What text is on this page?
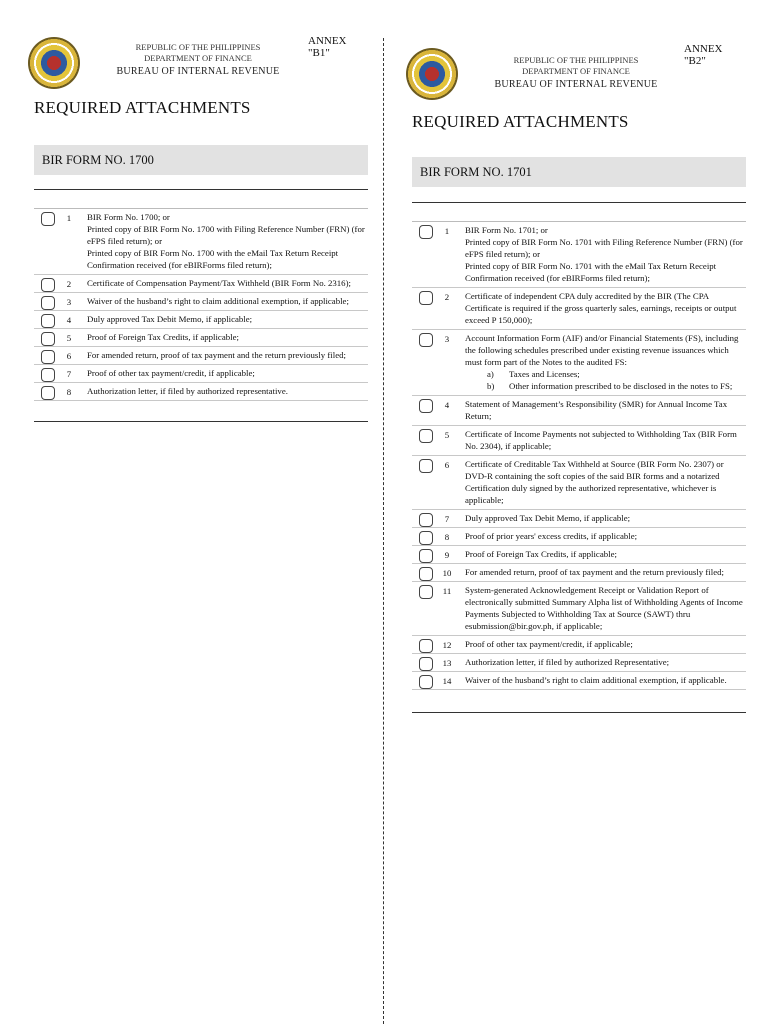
REPUBLIC OF THE PHILIPPINES
DEPARTMENT OF FINANCE
BUREAU OF INTERNAL REVENUE
ANNEX "B1"
REQUIRED ATTACHMENTS
BIR FORM NO. 1700
1	BIR Form No. 1700; or
Printed copy of BIR Form No. 1700 with Filing Reference Number (FRN) (for eFPS filed return); or
Printed copy of BIR Form No. 1700 with the eMail Tax Return Receipt Confirmation received (for eBIRForms filed return);
2	Certificate of Compensation Payment/Tax Withheld (BIR Form No. 2316);
3	Waiver of the husband’s right to claim additional exemption, if applicable;
4	Duly approved Tax Debit Memo, if applicable;
5	Proof of Foreign Tax Credits, if applicable;
6	For amended return, proof of tax payment and the return previously filed;
7	Proof of other tax payment/credit, if applicable;
8	Authorization letter, if filed by authorized representative.
REPUBLIC OF THE PHILIPPINES
DEPARTMENT OF FINANCE
BUREAU OF INTERNAL REVENUE
ANNEX "B2"
REQUIRED ATTACHMENTS
BIR FORM NO. 1701
1	BIR Form No. 1701; or
Printed copy of BIR Form No. 1701 with Filing Reference Number (FRN) (for eFPS filed return); or
Printed copy of BIR Form No. 1701 with the eMail Tax Return Receipt Confirmation received (for eBIRForms filed return);
2	Certificate of independent CPA duly accredited by the BIR (The CPA Certificate is required if the gross quarterly sales, earnings, receipts or output exceed P 150,000);
3	Account Information Form (AIF) and/or Financial Statements (FS), including the following schedules prescribed under existing revenue issuances which must form part of the Notes to the audited FS:
a)	Taxes and Licenses;
b)	Other information prescribed to be disclosed in the notes to FS;
4	Statement of Management’s Responsibility (SMR) for Annual Income Tax Return;
5	Certificate of Income Payments not subjected to Withholding Tax (BIR Form No. 2304), if applicable;
6	Certificate of Creditable Tax Withheld at Source (BIR Form No. 2307) or DVD-R containing the soft copies of the said BIR forms and a notarized Certification duly signed by the authorized representative, whichever is applicable;
7	Duly approved Tax Debit Memo, if applicable;
8	Proof of prior years' excess credits, if applicable;
9	Proof of Foreign Tax Credits, if applicable;
10	For amended return, proof of tax payment and the return previously filed;
11	System-generated Acknowledgement Receipt or Validation Report of electronically submitted Summary Alpha list of Withholding Agents of Income Payments Subjected to Withholding Tax at Source (SAWT) thru esubmission@bir.gov.ph, if applicable;
12	Proof of other tax payment/credit, if applicable;
13	Authorization letter, if filed by authorized Representative;
14	Waiver of the husband’s right to claim additional exemption, if applicable.
